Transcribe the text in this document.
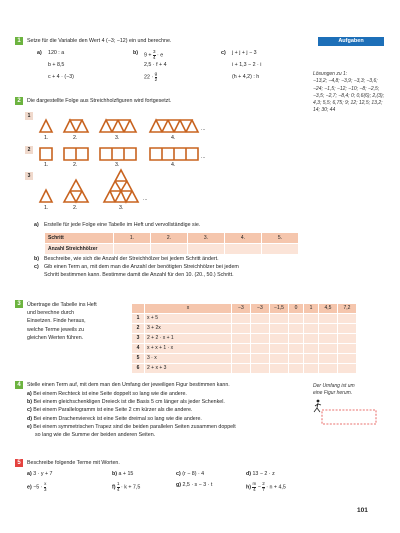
Aufgaben
Lösungen zu 1:
−13,2; −4,8; −3,9; −3,3; −3,6; −24; −1,5; −12; −10; −8; −2,5; −3,5; −2,7; −8,4; 0; 0,6(6); 2,(3); 4,3; 5,5; 6,75; 9; 12; 12,5; 13,2; 14; 30; 44
1	Setze für die Variable den Wert 4 (−3; −12) ein und berechne.
a) 120 : a
b + 8,5
c + 4 · (−3)
b) $9 + \frac{3}{4} \cdot e$
2,5 · f + 4
$22 \cdot \frac{g}{2}$
c) j + j + j − 3
i + 1,3 − 2 · i
(h + 4,2) : h
2	Die dargestellte Folge aus Streichholzfiguren wird fortgesetzt.
1
2
3
1.	2.	3.	4.
...
1.	2.	3.	4.
...
1.	2.	3.
...
a) Erstelle für jede Folge eine Tabelle im Heft und vervollständige sie.
Schritt	1.	2.	3.	4.	5.
Anzahl Streichhölzer					
b) Beschreibe, wie sich die Anzahl der Streichhölzer bei jedem Schritt ändert.
c) Gib einen Term an, mit dem man die Anzahl der benötigten Streichhölzer bei jedem
Schritt bestimmen kann. Bestimme damit die Anzahl für den 10. (20., 50.) Schritt.
3	Übertrage die Tabelle ins Heft
und berechne durch
Einsetzen. Finde heraus,
welche Terme jeweils zu
gleichen Werten führen.
	x	−3	−3	−1,5	0	1	4,5	7,2
1	x + 5							
2	3 + 2x							
3	2 + 2 · x + 1							
4	x + x + 1 · x							
5	3 · x							
6	2 + x + 3							
4	Stelle einen Term auf, mit dem man den Umfang der jeweiligen Figur bestimmen kann.
a) Bei einem Rechteck ist eine Seite doppelt so lang wie die andere.
b) Bei einem gleichschenkligen Dreieck ist die Basis 5 cm länger als jeder Schenkel.
c) Bei einem Parallelogramm ist eine Seite 2 cm kürzer als die andere.
d) Bei einem Drachenviereck ist eine Seite dreimal so lang wie die andere.
e) Bei einem symmetrischen Trapez sind die beiden parallelen Seiten zusammen doppelt
so lang wie die Summe der beiden anderen Seiten.
Der Umfang ist um
eine Figur herum.
5	Beschreibe folgende Terme mit Worten.
a) 3 · y + 7	b) a + 15	c) (r − 8) · 4	d) 13 − 2 · z
$e) -5 \cdot \frac{x}{3}$	$f) \frac{1}{4} \cdot k + 7,5$	g) 2,5 · s − 3 · t	$h) \frac{m}{4} - \frac{2}{7} \cdot n + 4,5$
101
